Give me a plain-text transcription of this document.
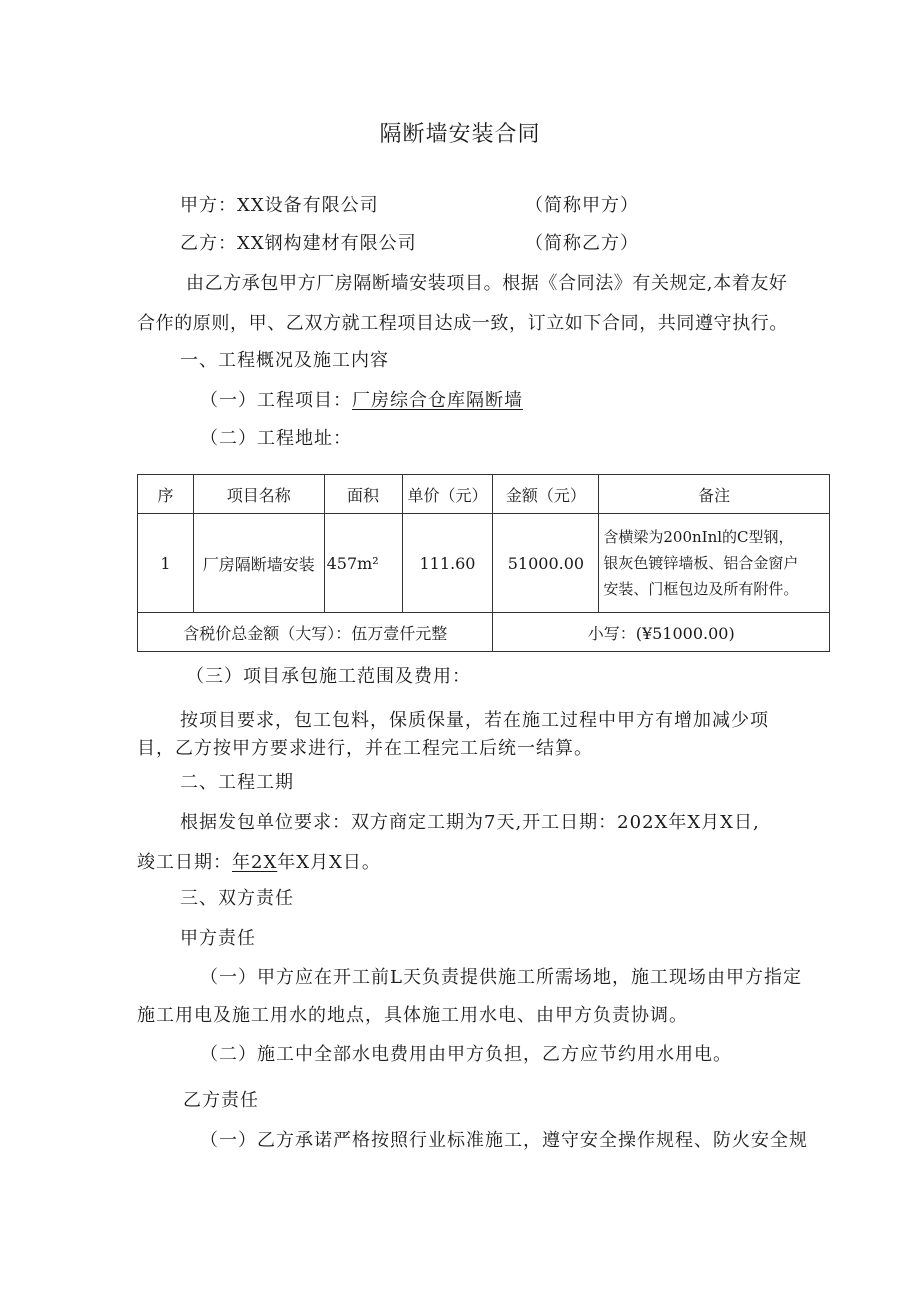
隔断墙安装合同
甲方：XX设备有限公司	（简称甲方）
乙方：XX钢构建材有限公司	（简称乙方）
由乙方承包甲方厂房隔断墙安装项目。根据《合同法》有关规定,本着友好
合作的原则，甲、乙双方就工程项目达成一致，订立如下合同，共同遵守执行。
一、工程概况及施工内容
（一）工程项目：厂房综合仓库隔断墙
（二）工程地址：
序	项目名称	面积	单价（元）	金额（元）	备注
1	厂房隔断墙安装	457m²	111.60	51000.00	含横梁为200nInl的C型钢，
银灰色镀锌墙板、铝合金窗户
安装、门框包边及所有附件。

含税价总金额（大写）：伍万壹仟元整				小写：(¥51000.00)	
（三）项目承包施工范围及费用：
按项目要求，包工包料，保质保量，若在施工过程中甲方有增加减少项
目，乙方按甲方要求进行，并在工程完工后统一结算。
二、工程工期
根据发包单位要求：双方商定工期为7天,开工日期：202X年X月X日,
竣工日期：年2X年X月X日。
三、双方责任
甲方责任
（一）甲方应在开工前L天负责提供施工所需场地，施工现场由甲方指定
施工用电及施工用水的地点，具体施工用水电、由甲方负责协调。
（二）施工中全部水电费用由甲方负担，乙方应节约用水用电。
乙方责任
（一）乙方承诺严格按照行业标准施工，遵守安全操作规程、防火安全规
